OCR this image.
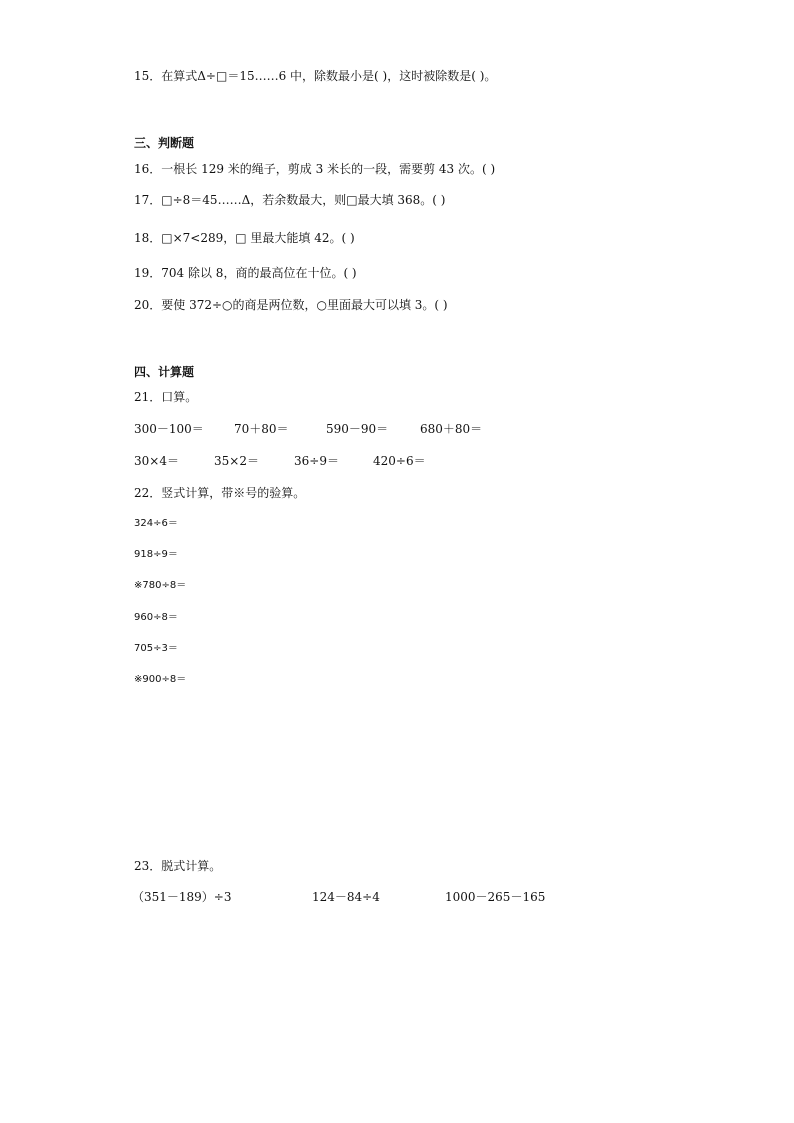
15．在算式Δ÷□＝15……6 中，除数最小是( )，这时被除数是( )。
三、判断题
16．一根长 129 米的绳子，剪成 3 米长的一段，需要剪 43 次。( )
17．□÷8＝45……Δ，若余数最大，则□最大填 368。( )
18．□×7<289，□ 里最大能填 42。( )
19．704 除以 8，商的最高位在十位。( )
20．要使 372÷○的商是两位数，○里面最大可以填 3。( )
四、计算题
21．口算。
300－100＝	70＋80＝	590－90＝	680＋80＝
30×4＝	35×2＝	36÷9＝	420÷6＝
22．竖式计算，带※号的验算。
324÷6＝
918÷9＝
※780÷8＝
960÷8＝
705÷3＝
※900÷8＝
23．脱式计算。
（351－189）÷3	124－84÷4	1000－265－165
